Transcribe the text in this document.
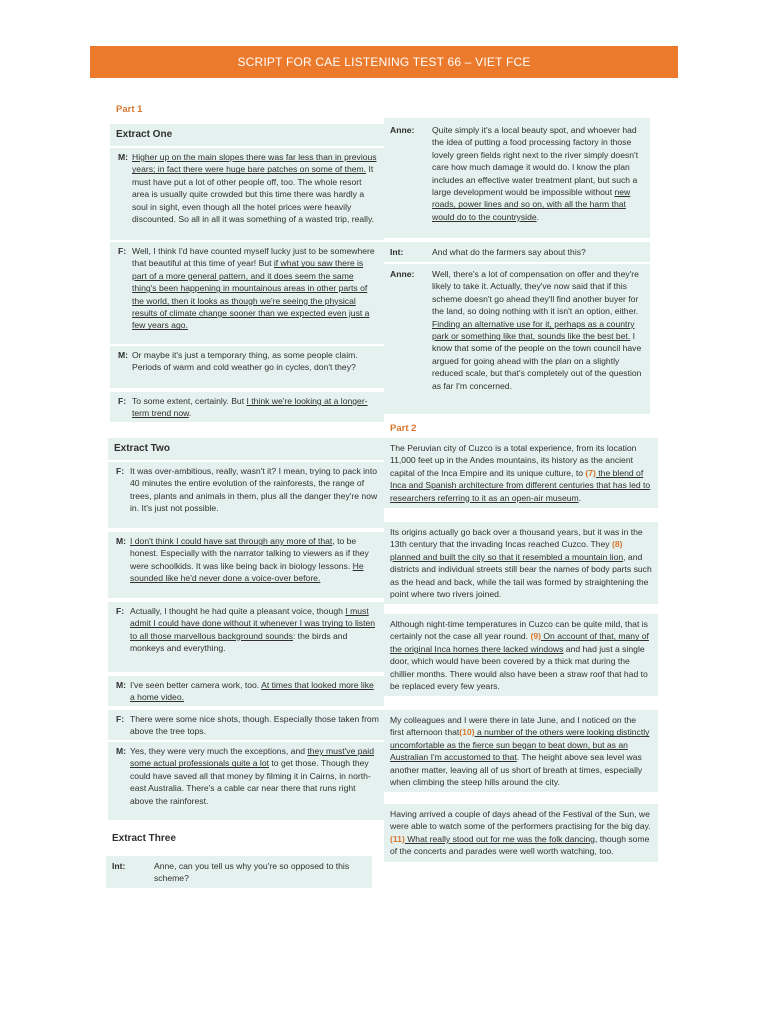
SCRIPT FOR CAE LISTENING TEST 66 – VIET FCE
Part 1
Extract One
M: Higher up on the main slopes there was far less than in previous years; in fact there were huge bare patches on some of them. It must have put a lot of other people off, too. The whole resort area is usually quite crowded but this time there was hardly a soul in sight, even though all the hotel prices were heavily discounted. So all in all it was something of a wasted trip, really.
F: Well, I think I'd have counted myself lucky just to be somewhere that beautiful at this time of year! But if what you saw there is part of a more general pattern, and it does seem the same thing's been happening in mountainous areas in other parts of the world, then it looks as though we're seeing the physical results of climate change sooner than we expected even just a few years ago.
M: Or maybe it's just a temporary thing, as some people claim. Periods of warm and cold weather go in cycles, don't they?
F: To some extent, certainly. But I think we're looking at a longer-term trend now.
Extract Two
F: It was over-ambitious, really, wasn't it? I mean, trying to pack into 40 minutes the entire evolution of the rainforests, the range of trees, plants and animals in them, plus all the danger they're now in. It's just not possible.
M: I don't think I could have sat through any more of that, to be honest. Especially with the narrator talking to viewers as if they were schoolkids. It was like being back in biology lessons. He sounded like he'd never done a voice-over before.
F: Actually, I thought he had quite a pleasant voice, though I must admit I could have done without it whenever I was trying to listen to all those marvellous background sounds: the birds and monkeys and everything.
M: I've seen better camera work, too. At times that looked more like a home video.
F: There were some nice shots, though. Especially those taken from above the tree tops.
M: Yes, they were very much the exceptions, and they must've paid some actual professionals quite a lot to get those. Though they could have saved all that money by filming it in Cairns, in north-east Australia. There's a cable car near there that runs right above the rainforest.
Extract Three
Int:	Anne, can you tell us why you're so opposed to this scheme?
Anne: Quite simply it's a local beauty spot, and whoever had the idea of putting a food processing factory in those lovely green fields right next to the river simply doesn't care how much damage it would do. I know the plan includes an effective water treatment plant, but such a large development would be impossible without new roads, power lines and so on, with all the harm that would do to the countryside.
Int:	And what do the farmers say about this?
Anne: Well, there's a lot of compensation on offer and they're likely to take it. Actually, they've now said that if this scheme doesn't go ahead they'll find another buyer for the land, so doing nothing with it isn't an option, either. Finding an alternative use for it, perhaps as a country park or something like that, sounds like the best bet. I know that some of the people on the town council have argued for going ahead with the plan on a slightly reduced scale, but that's completely out of the question as far I'm concerned.
Part 2
The Peruvian city of Cuzco is a total experience, from its location 11,000 feet up in the Andes mountains, its history as the ancient capital of the Inca Empire and its unique culture, to (7) the blend of Inca and Spanish architecture from different centuries that has led to researchers referring to it as an open-air museum.
Its origins actually go back over a thousand years, but it was in the 13th century that the invading Incas reached Cuzco. They (8) planned and built the city so that it resembled a mountain lion, and districts and individual streets still bear the names of body parts such as the head and back, while the tail was formed by straightening the point where two rivers joined.
Although night-time temperatures in Cuzco can be quite mild, that is certainly not the case all year round. (9) On account of that, many of the original Inca homes there lacked windows and had just a single door, which would have been covered by a thick mat during the chillier months. There would also have been a straw roof that had to be replaced every few years.
My colleagues and I were there in late June, and I noticed on the first afternoon that(10) a number of the others were looking distinctly uncomfortable as the fierce sun began to beat down, but as an Australian I'm accustomed to that. The height above sea level was another matter, leaving all of us short of breath at times, especially when climbing the steep hills around the city.
Having arrived a couple of days ahead of the Festival of the Sun, we were able to watch some of the performers practising for the big day.(11) What really stood out for me was the folk dancing, though some of the concerts and parades were well worth watching, too.
